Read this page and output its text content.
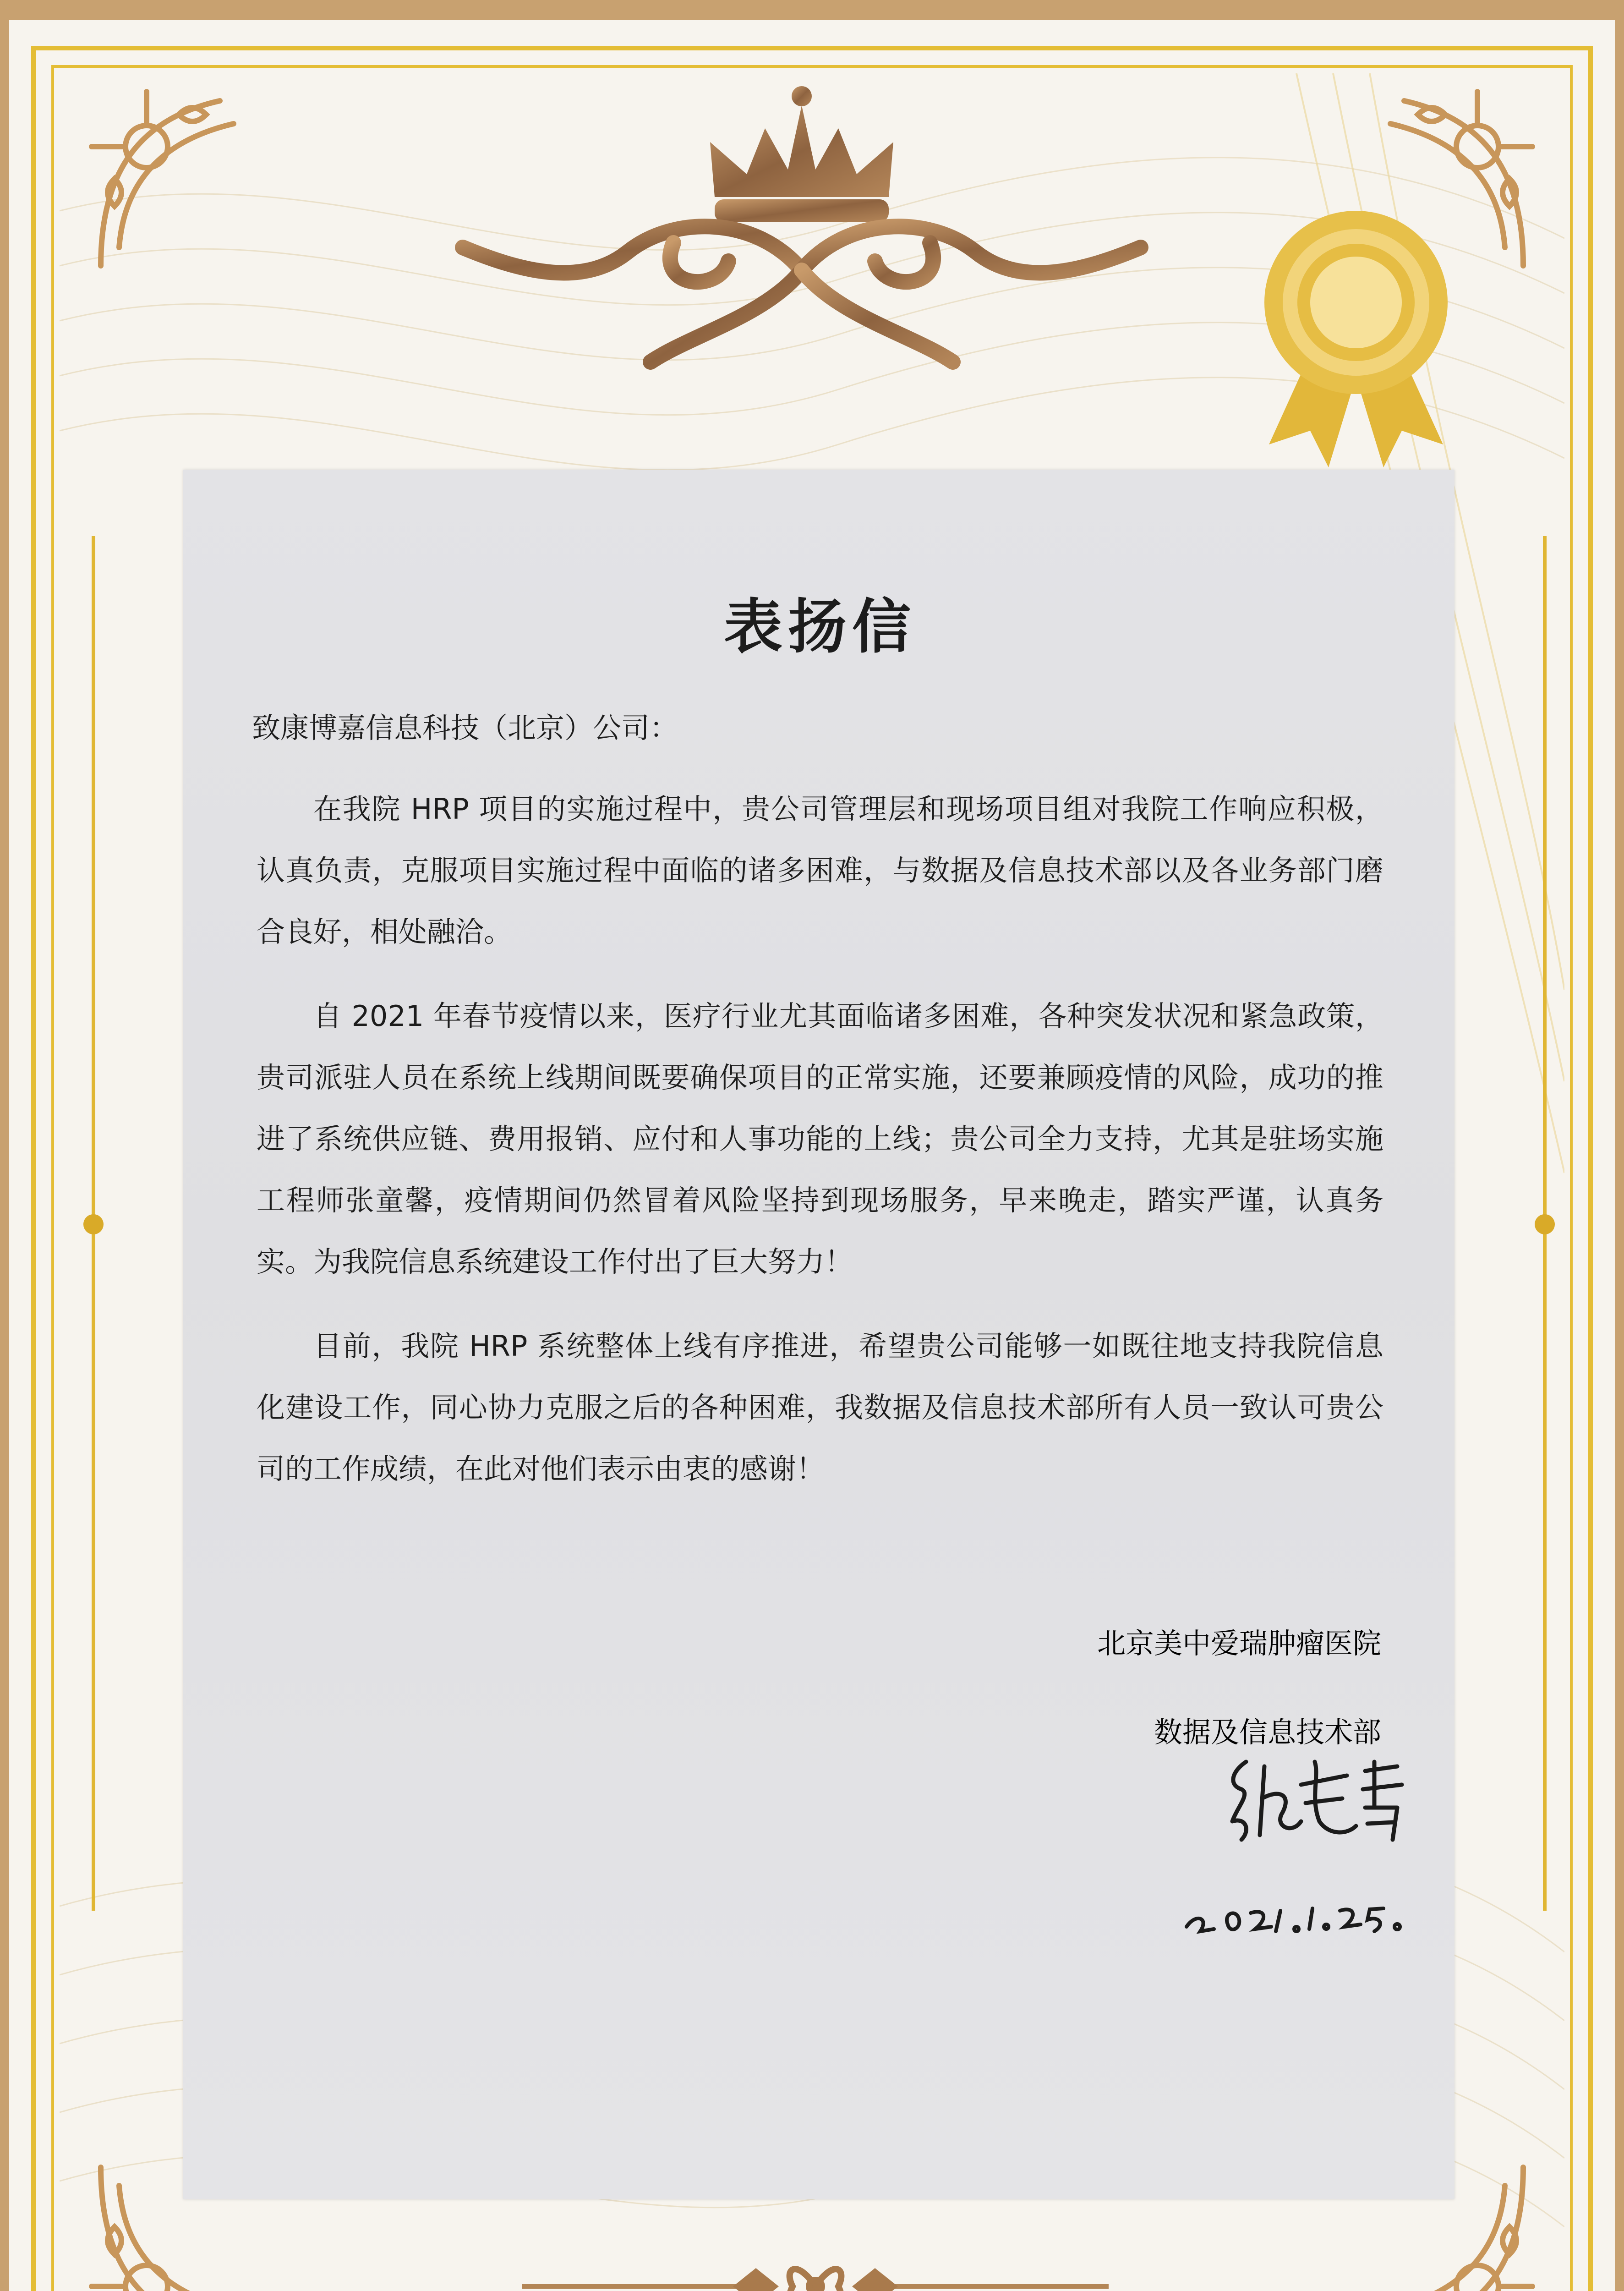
表扬信

致康博嘉信息科技（北京）公司：

在我院 HRP 项目的实施过程中，贵公司管理层和现场项目组对我院工作响应积极，认真负责，克服项目实施过程中面临的诸多困难，与数据及信息技术部以及各业务部门磨合良好，相处融洽。

自 2021 年春节疫情以来，医疗行业尤其面临诸多困难，各种突发状况和紧急政策，贵司派驻人员在系统上线期间既要确保项目的正常实施，还要兼顾疫情的风险，成功的推进了系统供应链、费用报销、应付和人事功能的上线；贵公司全力支持，尤其是驻场实施工程师张童馨，疫情期间仍然冒着风险坚持到现场服务，早来晚走，踏实严谨，认真务实。为我院信息系统建设工作付出了巨大努力！

目前，我院 HRP 系统整体上线有序推进，希望贵公司能够一如既往地支持我院信息化建设工作，同心协力克服之后的各种困难，我数据及信息技术部所有人员一致认可贵公司的工作成绩，在此对他们表示由衷的感谢！

北京美中爱瑞肿瘤医院

数据及信息技术部
